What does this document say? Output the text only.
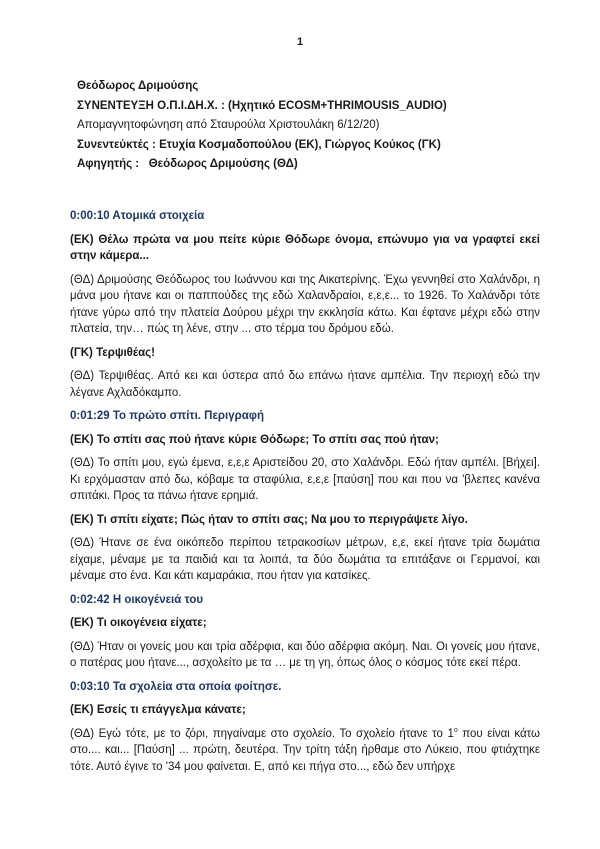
1
Θεόδωρος Δριμούσης
ΣΥΝΕΝΤΕΥΞΗ Ο.Π.Ι.ΔΗ.Χ. : (Ηχητικό ECOSM+THRIMOUSIS_AUDIO)
Απομαγνητοφώνηση από Σταυρούλα Χριστουλάκη 6/12/20)
Συνεντεύκτές : Ετυχία Κοσμαδοπούλου (ΕΚ), Γιώργος Κούκος (ΓΚ)
Αφηγητής : Θεόδωρος Δριμούσης (ΘΔ)
0:00:10 Ατομικά στοιχεία
(ΕΚ) Θέλω πρώτα να μου πείτε κύριε Θόδωρε όνομα, επώνυμο για να γραφτεί εκεί στην κάμερα...
(ΘΔ) Δριμούσης Θεόδωρος του Ιωάννου και της Αικατερίνης. Έχω γεννηθεί στο Χαλάνδρι, η μάνα μου ήτανε και οι παππούδες της εδώ Χαλανδραίοι, ε,ε,ε... το 1926. Το Χαλάνδρι τότε ήτανε γύρω από την πλατεία Δούρου μέχρι την εκκλησία κάτω. Και έφτανε μέχρι εδώ στην πλατεία, την… πώς τη λένε, στην ... στο τέρμα του δρόμου εδώ.
(ΓΚ) Τερψιθέας!
(ΘΔ) Τερψιθέας. Από κει και ύστερα από δω επάνω ήτανε αμπέλια. Την περιοχή εδώ την λέγανε Αχλαδόκαμπο.
0:01:29 Το πρώτο σπίτι. Περιγραφή
(ΕΚ) Το σπίτι σας πού ήτανε κύριε Θόδωρε; Το σπίτι σας πού ήταν;
(ΘΔ) Το σπίτι μου, εγώ έμενα, ε,ε,ε Αριστείδου 20, στο Χαλάνδρι. Εδώ ήταν αμπέλι. [Βήχει]. Κι ερχόμασταν από δω, κόβαμε τα σταφύλια, ε,ε,ε [παύση] που και που να 'βλεπες κανένα σπιτάκι. Προς τα πάνω ήτανε ερημιά.
(ΕΚ) Τι σπίτι είχατε; Πώς ήταν το σπίτι σας; Να μου το περιγράψετε λίγο.
(ΘΔ) Ήτανε σε ένα οικόπεδο περίπου τετρακοσίων μέτρων, ε,ε, εκεί ήτανε τρία δωμάτια είχαμε, μέναμε με τα παιδιά και τα λοιπά, τα δύο δωμάτια τα επιτάξανε οι Γερμανοί, και μέναμε στο ένα. Και κάτι καμαράκια, που ήταν για κατσίκες.
0:02:42 Η οικογένειά του
(ΕΚ) Τι οικογένεια είχατε;
(ΘΔ) Ήταν οι γονείς μου και τρία αδέρφια, και δύο αδέρφια ακόμη. Ναι. Οι γονείς μου ήτανε, ο πατέρας μου ήτανε..., ασχολείτο με τα … με τη γη, όπως όλος ο κόσμος τότε εκεί πέρα.
0:03:10 Τα σχολεία στα οποία φοίτησε.
(ΕΚ) Εσείς τι επάγγελμα κάνατε;
(ΘΔ) Εγώ τότε, με το ζόρι, πηγαίναμε στο σχολείο. Το σχολείο ήτανε το $1^o$ που είναι κάτω στο.... και... [Παύση] ... πρώτη, δευτέρα. Την τρίτη τάξη ήρθαμε στο Λύκειο, που φτιάχτηκε τότε. Αυτό έγινε το '34 μου φαίνεται. Ε, από κει πήγα στο..., εδώ δεν υπήρχε
